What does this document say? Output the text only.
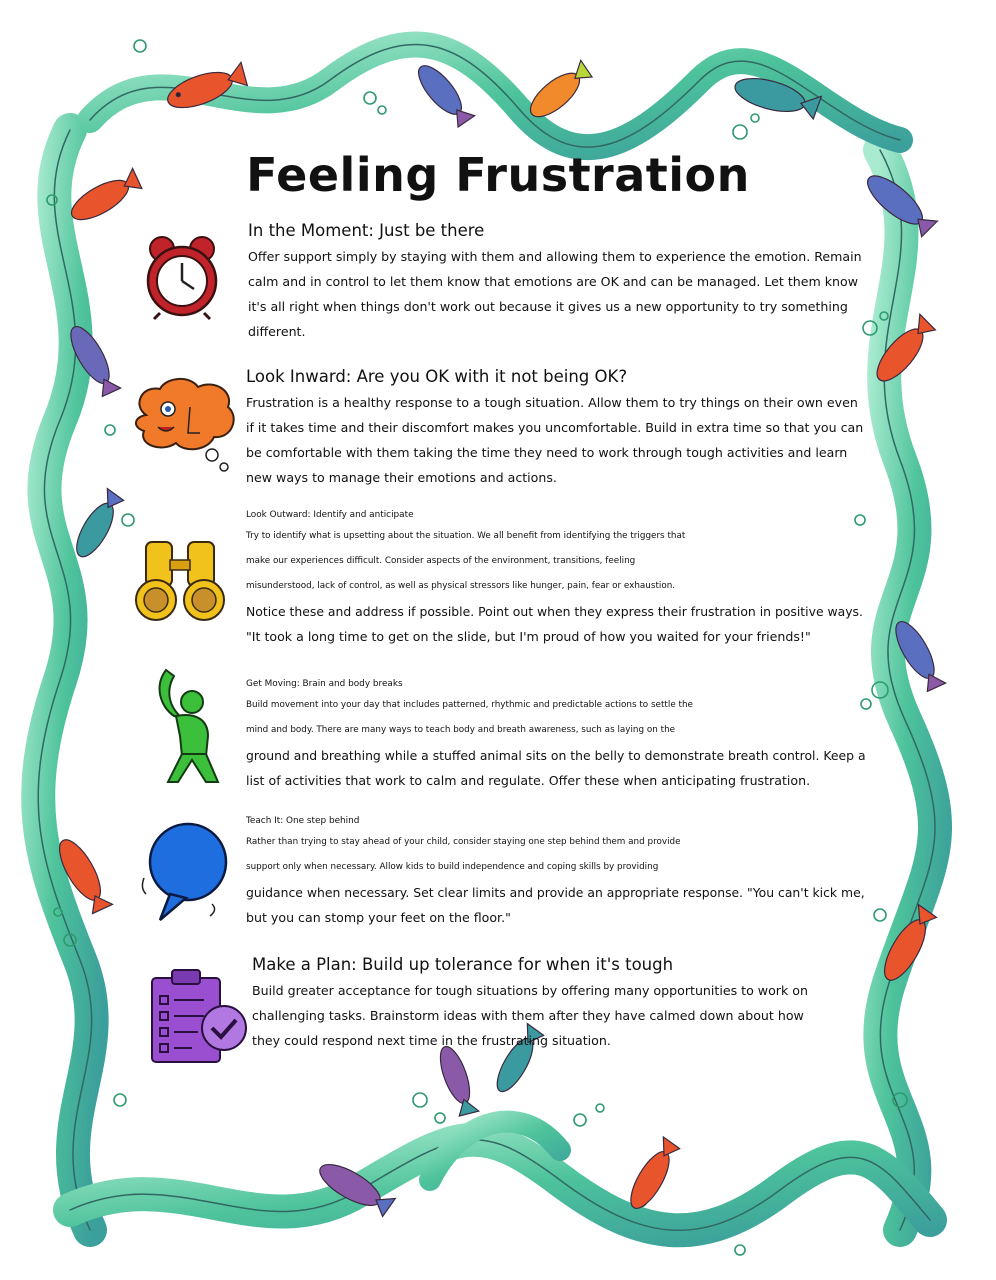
Feeling Frustration
In the Moment: Just be there
Offer support simply by staying with them and allowing them to experience the emotion. Remain
calm and in control to let them know that emotions are OK and can be managed. Let them know
it's all right when things don't work out because it gives us a new opportunity to try something
different.
Look Inward: Are you OK with it not being OK?
Frustration is a healthy response to a tough situation. Allow them to try things on their own even
if it takes time and their discomfort makes you uncomfortable. Build in extra time so that you can
be comfortable with them taking the time they need to work through tough activities and learn
new ways to manage their emotions and actions.
Look Outward: Identify and anticipate
Try to identify what is upsetting about the situation. We all benefit from identifying the triggers that
make our experiences difficult. Consider aspects of the environment, transitions, feeling
misunderstood, lack of control, as well as physical stressors like hunger, pain, fear or exhaustion.
Notice these and address if possible. Point out when they express their frustration in positive ways.
"It took a long time to get on the slide, but I'm proud of how you waited for your friends!"
Get Moving: Brain and body breaks
Build movement into your day that includes patterned, rhythmic and predictable actions to settle the
mind and body. There are many ways to teach body and breath awareness, such as laying on the
ground and breathing while a stuffed animal sits on the belly to demonstrate breath control. Keep a
list of activities that work to calm and regulate. Offer these when anticipating frustration.
Teach It: One step behind
Rather than trying to stay ahead of your child, consider staying one step behind them and provide
support only when necessary. Allow kids to build independence and coping skills by providing
guidance when necessary. Set clear limits and provide an appropriate response. "You can't kick me,
but you can stomp your feet on the floor."
Make a Plan: Build up tolerance for when it's tough
Build greater acceptance for tough situations by offering many opportunities to work on
challenging tasks. Brainstorm ideas with them after they have calmed down about how
they could respond next time in the frustrating situation.
